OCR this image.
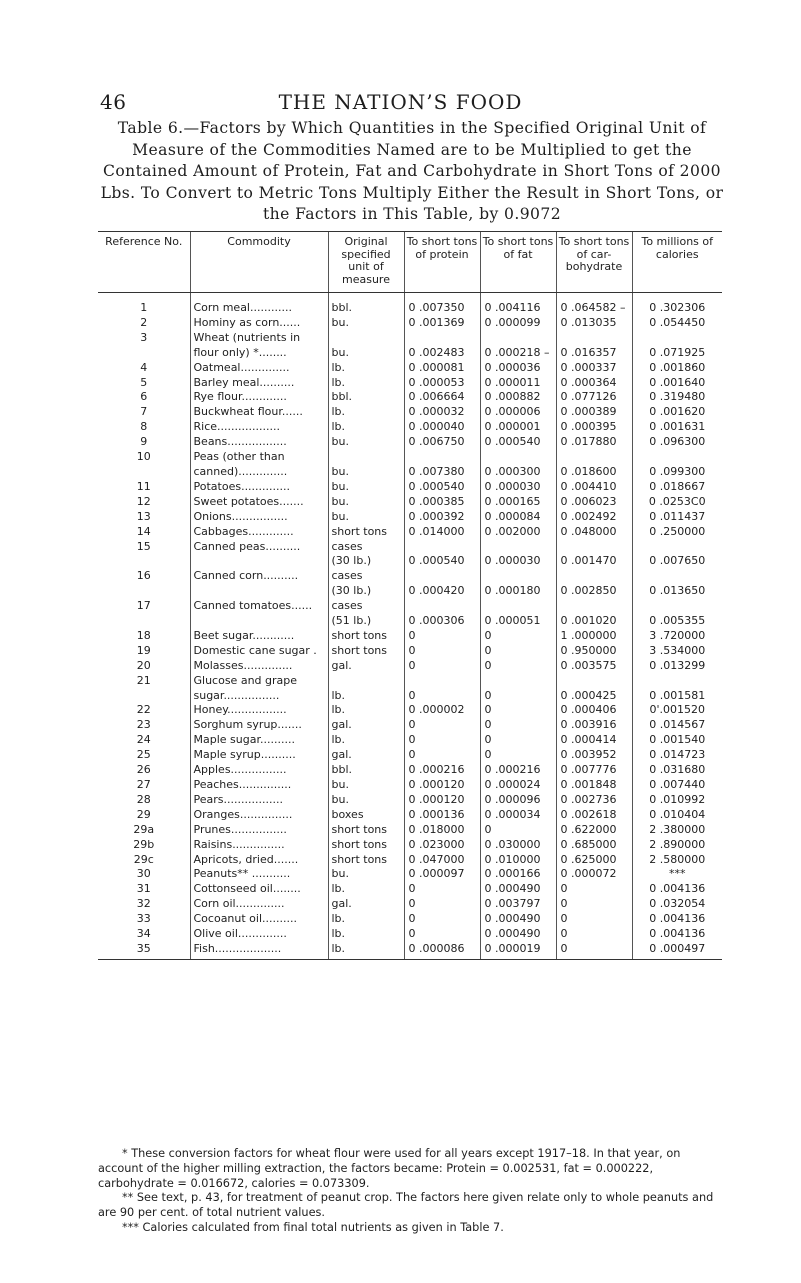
46	THE NATION’S FOOD
Table 6.—Factors by Which Quantities in the Specified Original Unit of Measure of the Commodities Named are to be Multiplied to get the Contained Amount of Protein, Fat and Carbohydrate in Short Tons of 2000 Lbs. To Convert to Metric Tons Multiply Either the Result in Short Tons, or the Factors in This Table, by 0.9072
Reference No.	Commodity	Original specified unit of measure	To short tons of protein	To short tons of fat	To short tons of car-bohydrate	To millions of calories
1	Corn meal............	bbl.	0 .007350	0 .004116	0 .064582 –	0 .302306
2	Hominy as corn......	bu.	0 .001369	0 .000099	0 .013035	0 .054450
3	Wheat (nutrients in					
	flour only) *........	bu.	0 .002483	0 .000218 –	0 .016357	0 .071925
4	Oatmeal..............	lb.	0 .000081	0 .000036	0 .000337	0 .001860
5	Barley meal..........	lb.	0 .000053	0 .000011	0 .000364	0 .001640
6	Rye flour.............	bbl.	0 .006664	0 .000882	0 .077126	0 .319480
7	Buckwheat flour......	lb.	0 .000032	0 .000006	0 .000389	0 .001620
8	Rice..................	lb.	0 .000040	0 .000001	0 .000395	0 .001631
9	Beans.................	bu.	0 .006750	0 .000540	0 .017880	0 .096300
10	Peas (other than					
	canned)..............	bu.	0 .007380	0 .000300	0 .018600	0 .099300
11	Potatoes..............	bu.	0 .000540	0 .000030	0 .004410	0 .018667
12	Sweet potatoes.......	bu.	0 .000385	0 .000165	0 .006023	0 .0253C0
13	Onions................	bu.	0 .000392	0 .000084	0 .002492	0 .011437
14	Cabbages.............	short tons	0 .014000	0 .002000	0 .048000	0 .250000
15	Canned peas..........	cases				
		(30 lb.)	0 .000540	0 .000030	0 .001470	0 .007650
16	Canned corn..........	cases				
		(30 lb.)	0 .000420	0 .000180	0 .002850	0 .013650
17	Canned tomatoes......	cases				
		(51 lb.)	0 .000306	0 .000051	0 .001020	0 .005355
18	Beet sugar............	short tons	0	0	1 .000000	3 .720000
19	Domestic cane sugar .	short tons	0	0	0 .950000	3 .534000
20	Molasses..............	gal.	0	0	0 .003575	0 .013299
21	Glucose and grape					
	sugar................	lb.	0	0	0 .000425	0 .001581
22	Honey.................	lb.	0 .000002	0	0 .000406	0'.001520
23	Sorghum syrup.......	gal.	0	0	0 .003916	0 .014567
24	Maple sugar..........	lb.	0	0	0 .000414	0 .001540
25	Maple syrup..........	gal.	0	0	0 .003952	0 .014723
26	Apples................	bbl.	0 .000216	0 .000216	0 .007776	0 .031680
27	Peaches...............	bu.	0 .000120	0 .000024	0 .001848	0 .007440
28	Pears.................	bu.	0 .000120	0 .000096	0 .002736	0 .010992
29	Oranges...............	boxes	0 .000136	0 .000034	0 .002618	0 .010404
29a	Prunes................	short tons	0 .018000	0	0 .622000	2 .380000
29b	Raisins...............	short tons	0 .023000	0 .030000	0 .685000	2 .890000
29c	Apricots, dried.......	short tons	0 .047000	0 .010000	0 .625000	2 .580000
30	Peanuts** ...........	bu.	0 .000097	0 .000166	0 .000072	***
31	Cottonseed oil........	lb.	0	0 .000490	0	0 .004136
32	Corn oil..............	gal.	0	0 .003797	0	0 .032054
33	Cocoanut oil..........	lb.	0	0 .000490	0	0 .004136
34	Olive oil..............	lb.	0	0 .000490	0	0 .004136
35	Fish...................	lb.	0 .000086	0 .000019	0	0 .000497

* These conversion factors for wheat flour were used for all years except 1917–18. In that year, on account of the higher milling extraction, the factors became: Protein = 0.002531, fat = 0.000222, carbohydrate = 0.016672, calories = 0.073309.

** See text, p. 43, for treatment of peanut crop. The factors here given relate only to whole peanuts and are 90 per cent. of total nutrient values.

*** Calories calculated from final total nutrients as given in Table 7.
